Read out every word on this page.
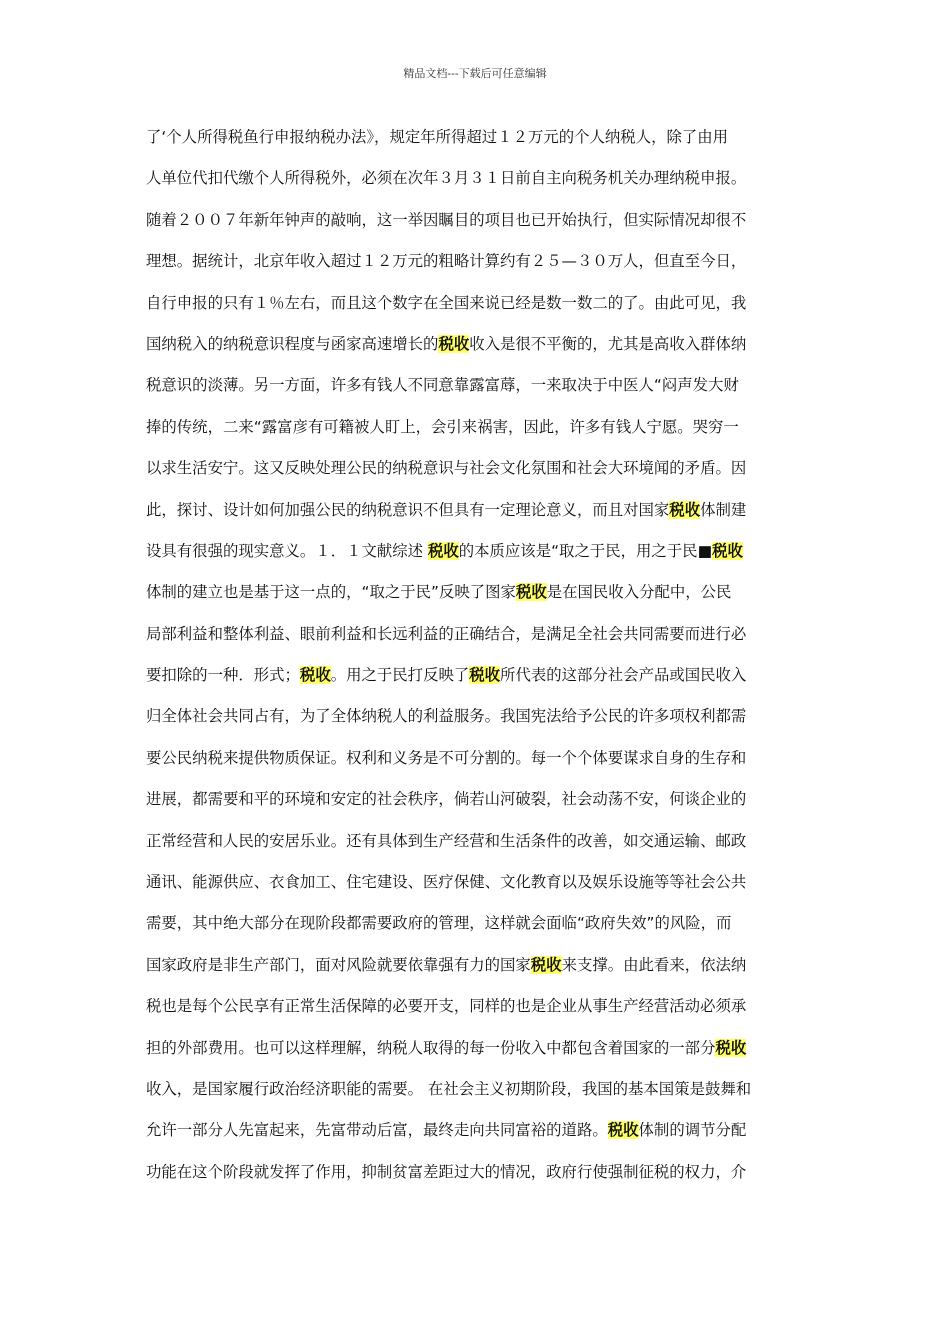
精品文档---下载后可任意编辑
了‘个人所得税鱼行申报纳税办法》，规定年所得超过１２万元的个人纳税人，除了由用
人单位代扣代缴个人所得税外，必须在次年３月３１日前自主向税务机关办理纳税申报。
随着２００７年新年钟声的敲响，这一举因瞩目的项目也已开始执行，但实际情况却很不
理想。据统计，北京年收入超过１２万元的粗略计算约有２５—３０万人，但直至今日，
自行申报的只有１％左右，而且这个数字在全国来说已经是数一数二的了。由此可见，我
国纳税入的纳税意识程度与函家高速增长的税收收入是很不平衡的，尤其是高收入群体纳
税意识的淡薄。另一方面，许多有钱人不同意靠露富蓐，一来取决于中医人“闷声发大财
捧的传统，二来“露富彦有可籍被人盯上，会引来祸害，因此，许多有钱人宁愿。哭穷一
以求生活安宁。这又反映处理公民的纳税意识与社会文化氛围和社会大环境闻的矛盾。因
此，探讨、设计如何加强公民的纳税意识不但具有一定理论意义，而且对国家税收体制建
设具有很强的现实意义。１．１文献综述 税收的本质应该是“取之于民，用之于民■税收
体制的建立也是基于这一点的，“取之于民”反映了图家税收是在国民收入分配中，公民
局部利益和整体利益、眼前利益和长远利益的正确结合，是满足全社会共同需要而进行必
要扣除的一种．形式；税收。用之于民打反映了税收所代表的这部分社会产品或国民收入
归全体社会共同占有，为了全体纳税人的利益服务。我国宪法给予公民的许多项权利都需
要公民纳税来提供物质保证。权利和义务是不可分割的。每一个个体要谋求自身的生存和
进展，都需要和平的环境和安定的社会秩序，倘若山河破裂，社会动荡不安，何谈企业的
正常经营和人民的安居乐业。还有具体到生产经营和生活条件的改善，如交通运输、邮政
通讯、能源供应、衣食加工、住宅建设、医疗保健、文化教育以及娱乐设施等等社会公共
需要，其中绝大部分在现阶段都需要政府的管理，这样就会面临“政府失效”的风险，而
国家政府是非生产部门，面对风险就要依靠强有力的国家税收来支撑。由此看来，依法纳
税也是每个公民享有正常生活保障的必要开支，同样的也是企业从事生产经营活动必须承
担的外部费用。也可以这样理解，纳税人取得的每一份收入中都包含着国家的一部分税收
收入，是国家履行政治经济职能的需要。 在社会主义初期阶段，我国的基本国策是鼓舞和
允许一部分人先富起来，先富带动后富，最终走向共同富裕的道路。税收体制的调节分配
功能在这个阶段就发挥了作用，抑制贫富差距过大的情况，政府行使强制征税的权力，介
